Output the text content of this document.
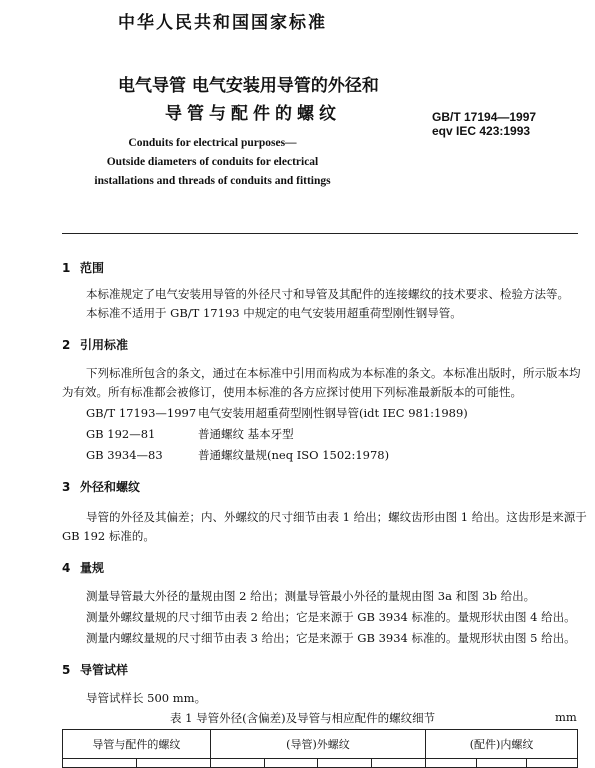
中华人民共和国国家标准
电气导管 电气安装用导管的外径和
导管与配件的螺纹	GB/T 17194—1997
eqv IEC 423:1993
Conduits for electrical purposes—
Outside diameters of conduits for electrical
installations and threads of conduits and fittings
1 范围
本标准规定了电气安装用导管的外径尺寸和导管及其配件的连接螺纹的技术要求、检验方法等。
本标准不适用于 GB/T 17193 中规定的电气安装用超重荷型刚性钢导管。
2 引用标准
下列标准所包含的条文，通过在本标准中引用而构成为本标准的条文。本标准出版时，所示版本均
为有效。所有标准都会被修订，使用本标准的各方应探讨使用下列标准最新版本的可能性。
GB/T 17193—1997 电气安装用超重荷型刚性钢导管(idt IEC 981:1989)
GB 192—81	普通螺纹 基本牙型
GB 3934—83	普通螺纹量规(neq ISO 1502:1978)
3 外径和螺纹
导管的外径及其偏差；内、外螺纹的尺寸细节由表 1 给出；螺纹齿形由图 1 给出。这齿形是来源于
GB 192 标准的。
4 量规
测量导管最大外径的量规由图 2 给出；测量导管最小外径的量规由图 3a 和图 3b 给出。
测量外螺纹量规的尺寸细节由表 2 给出；它是来源于 GB 3934 标准的。量规形状由图 4 给出。
测量内螺纹量规的尺寸细节由表 3 给出；它是来源于 GB 3934 标准的。量规形状由图 5 给出。
5 导管试样
导管试样长 500 mm。
表 1 导管外径(含偏差)及导管与相应配件的螺纹细节	mm
导管与配件的螺纹		(导管)外螺纹				(配件)内螺纹		
